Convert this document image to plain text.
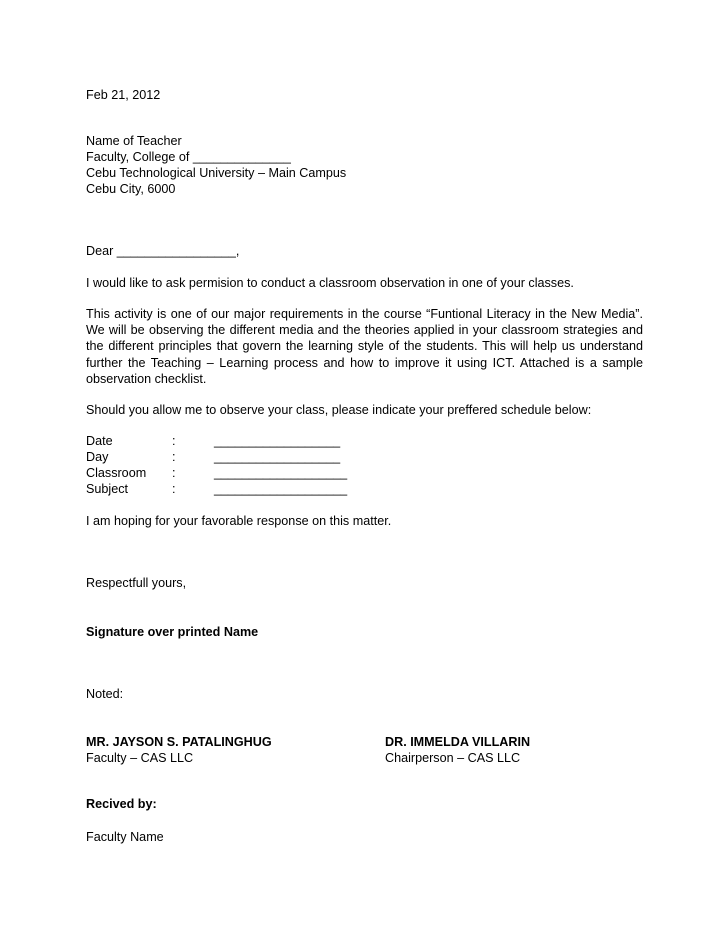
Feb 21, 2012
Name of Teacher
Faculty, College of ______________
Cebu Technological University – Main Campus
Cebu City, 6000
Dear _________________,
I would like to ask permision to conduct a classroom observation in one of your classes.
This activity is one of our major requirements in the course “Funtional Literacy in the New Media”. We will be observing the different media and the theories applied in your classroom strategies and the different principles that govern the learning style of the students. This will help us understand further the Teaching – Learning process and how to improve it using ICT. Attached is a sample observation checklist.
Should you allow me to observe your class, please indicate your preffered schedule below:
Date	:	__________________
Day	:	__________________
Classroom :	___________________
Subject	:	___________________
I am hoping for your favorable response on this matter.
Respectfull yours,
Signature over printed Name
Noted:
MR. JAYSON S. PATALINGHUG
Faculty – CAS LLC
DR. IMMELDA VILLARIN
Chairperson – CAS LLC
Recived by:
Faculty Name
